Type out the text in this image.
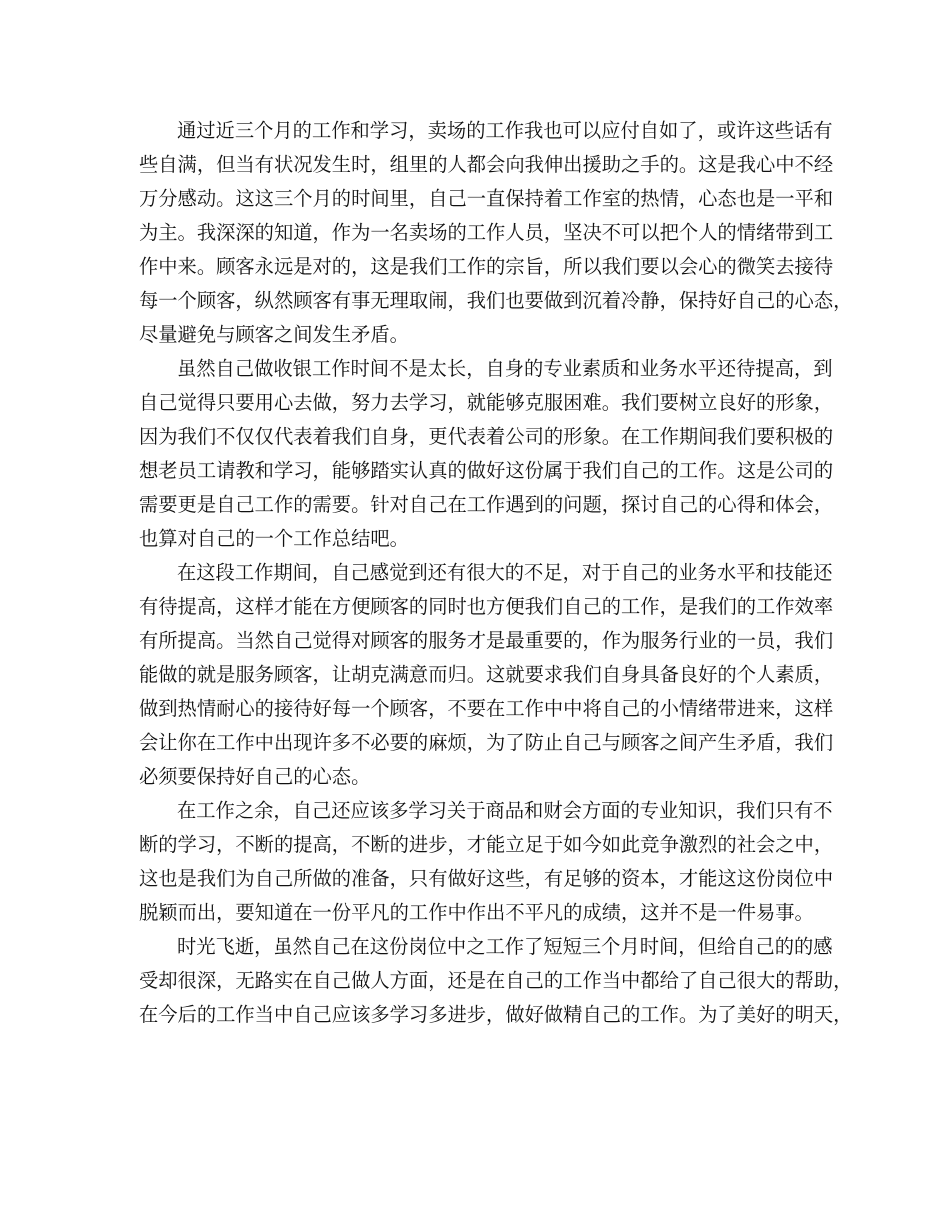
通过近三个月的工作和学习，卖场的工作我也可以应付自如了，或许这些话有
些自满，但当有状况发生时，组里的人都会向我伸出援助之手的。这是我心中不经
万分感动。这这三个月的时间里，自己一直保持着工作室的热情，心态也是一平和
为主。我深深的知道，作为一名卖场的工作人员，坚决不可以把个人的情绪带到工
作中来。顾客永远是对的，这是我们工作的宗旨，所以我们要以会心的微笑去接待
每一个顾客，纵然顾客有事无理取闹，我们也要做到沉着冷静，保持好自己的心态，
尽量避免与顾客之间发生矛盾。
虽然自己做收银工作时间不是太长，自身的专业素质和业务水平还待提高，到
自己觉得只要用心去做，努力去学习，就能够克服困难。我们要树立良好的形象，
因为我们不仅仅代表着我们自身，更代表着公司的形象。在工作期间我们要积极的
想老员工请教和学习，能够踏实认真的做好这份属于我们自己的工作。这是公司的
需要更是自己工作的需要。针对自己在工作遇到的问题，探讨自己的心得和体会，
也算对自己的一个工作总结吧。
在这段工作期间，自己感觉到还有很大的不足，对于自己的业务水平和技能还
有待提高，这样才能在方便顾客的同时也方便我们自己的工作，是我们的工作效率
有所提高。当然自己觉得对顾客的服务才是最重要的，作为服务行业的一员，我们
能做的就是服务顾客，让胡克满意而归。这就要求我们自身具备良好的个人素质，
做到热情耐心的接待好每一个顾客，不要在工作中中将自己的小情绪带进来，这样
会让你在工作中出现许多不必要的麻烦，为了防止自己与顾客之间产生矛盾，我们
必须要保持好自己的心态。
在工作之余，自己还应该多学习关于商品和财会方面的专业知识，我们只有不
断的学习，不断的提高，不断的进步，才能立足于如今如此竞争激烈的社会之中，
这也是我们为自己所做的准备，只有做好这些，有足够的资本，才能这这份岗位中
脱颖而出，要知道在一份平凡的工作中作出不平凡的成绩，这并不是一件易事。
时光飞逝，虽然自己在这份岗位中之工作了短短三个月时间，但给自己的的感
受却很深，无路实在自己做人方面，还是在自己的工作当中都给了自己很大的帮助，
在今后的工作当中自己应该多学习多进步，做好做精自己的工作。为了美好的明天，
